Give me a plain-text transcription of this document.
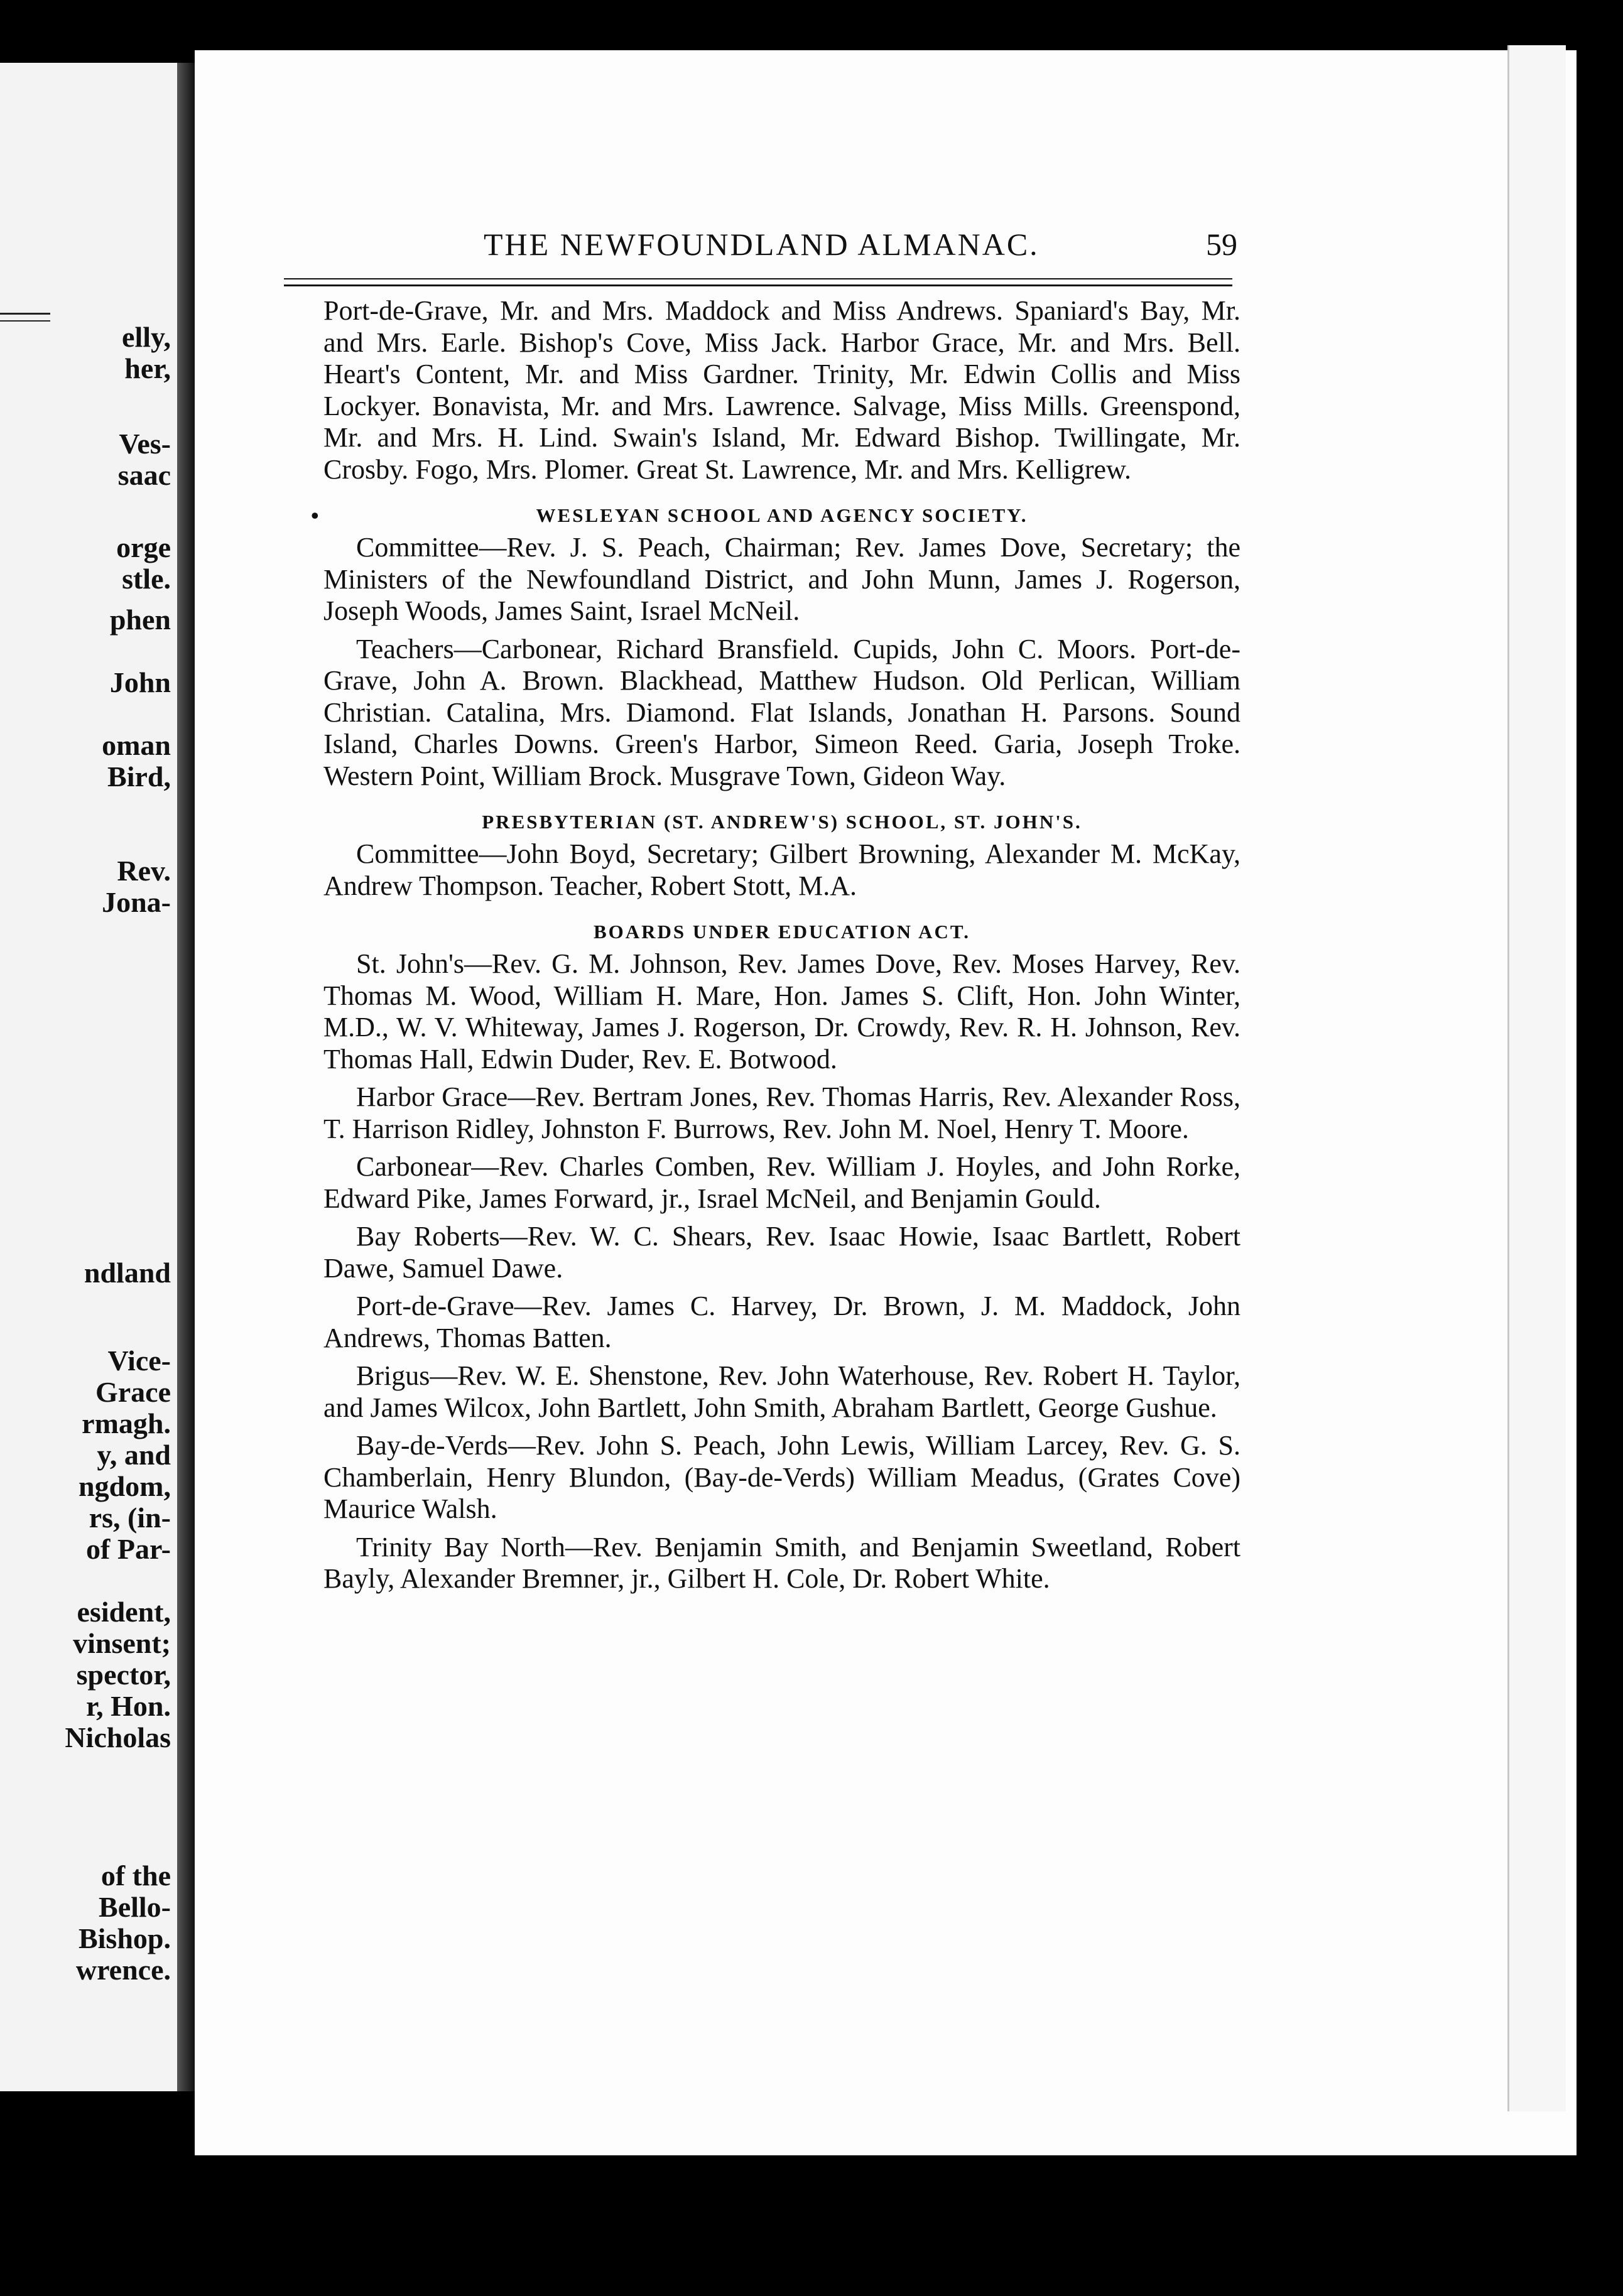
elly,
her,
Ves-
saac
orge
stle.
phen
John
oman
Bird,
Rev.
Jona-
ndland
Vice-
Grace
rmagh.
y, and
ngdom,
rs, (in-
of Par-
esident,
vinsent;
spector,
r, Hon.
Nicholas
of the
Bello-
Bishop.
wrence.
THE NEWFOUNDLAND ALMANAC.	59

Port-de-Grave, Mr. and Mrs. Maddock and Miss Andrews. Spaniard's Bay, Mr. and Mrs. Earle. Bishop's Cove, Miss Jack. Harbor Grace, Mr. and Mrs. Bell. Heart's Content, Mr. and Miss Gardner. Trinity, Mr. Edwin Collis and Miss Lockyer. Bonavista, Mr. and Mrs. Lawrence. Salvage, Miss Mills. Greenspond, Mr. and Mrs. H. Lind. Swain's Island, Mr. Edward Bishop. Twillingate, Mr. Crosby. Fogo, Mrs. Plomer. Great St. Lawrence, Mr. and Mrs. Kelligrew.

•	WESLEYAN SCHOOL AND AGENCY SOCIETY.

Committee—Rev. J. S. Peach, Chairman; Rev. James Dove, Secretary; the Ministers of the Newfoundland District, and John Munn, James J. Rogerson, Joseph Woods, James Saint, Israel McNeil.

Teachers—Carbonear, Richard Bransfield. Cupids, John C. Moors. Port-de-Grave, John A. Brown. Blackhead, Matthew Hudson. Old Perlican, William Christian. Catalina, Mrs. Diamond. Flat Islands, Jonathan H. Parsons. Sound Island, Charles Downs. Green's Harbor, Simeon Reed. Garia, Joseph Troke. Western Point, William Brock. Musgrave Town, Gideon Way.

PRESBYTERIAN (ST. ANDREW'S) SCHOOL, ST. JOHN'S.

Committee—John Boyd, Secretary; Gilbert Browning, Alexander M. McKay, Andrew Thompson. Teacher, Robert Stott, M.A.

BOARDS UNDER EDUCATION ACT.

St. John's—Rev. G. M. Johnson, Rev. James Dove, Rev. Moses Harvey, Rev. Thomas M. Wood, William H. Mare, Hon. James S. Clift, Hon. John Winter, M.D., W. V. Whiteway, James J. Rogerson, Dr. Crowdy, Rev. R. H. Johnson, Rev. Thomas Hall, Edwin Duder, Rev. E. Botwood.

Harbor Grace—Rev. Bertram Jones, Rev. Thomas Harris, Rev. Alexander Ross, T. Harrison Ridley, Johnston F. Burrows, Rev. John M. Noel, Henry T. Moore.

Carbonear—Rev. Charles Comben, Rev. William J. Hoyles, and John Rorke, Edward Pike, James Forward, jr., Israel McNeil, and Benjamin Gould.

Bay Roberts—Rev. W. C. Shears, Rev. Isaac Howie, Isaac Bartlett, Robert Dawe, Samuel Dawe.

Port-de-Grave—Rev. James C. Harvey, Dr. Brown, J. M. Maddock, John Andrews, Thomas Batten.

Brigus—Rev. W. E. Shenstone, Rev. John Waterhouse, Rev. Robert H. Taylor, and James Wilcox, John Bartlett, John Smith, Abraham Bartlett, George Gushue.

Bay-de-Verds—Rev. John S. Peach, John Lewis, William Larcey, Rev. G. S. Chamberlain, Henry Blundon, (Bay-de-Verds) William Meadus, (Grates Cove) Maurice Walsh.

Trinity Bay North—Rev. Benjamin Smith, and Benjamin Sweetland, Robert Bayly, Alexander Bremner, jr., Gilbert H. Cole, Dr. Robert White.
